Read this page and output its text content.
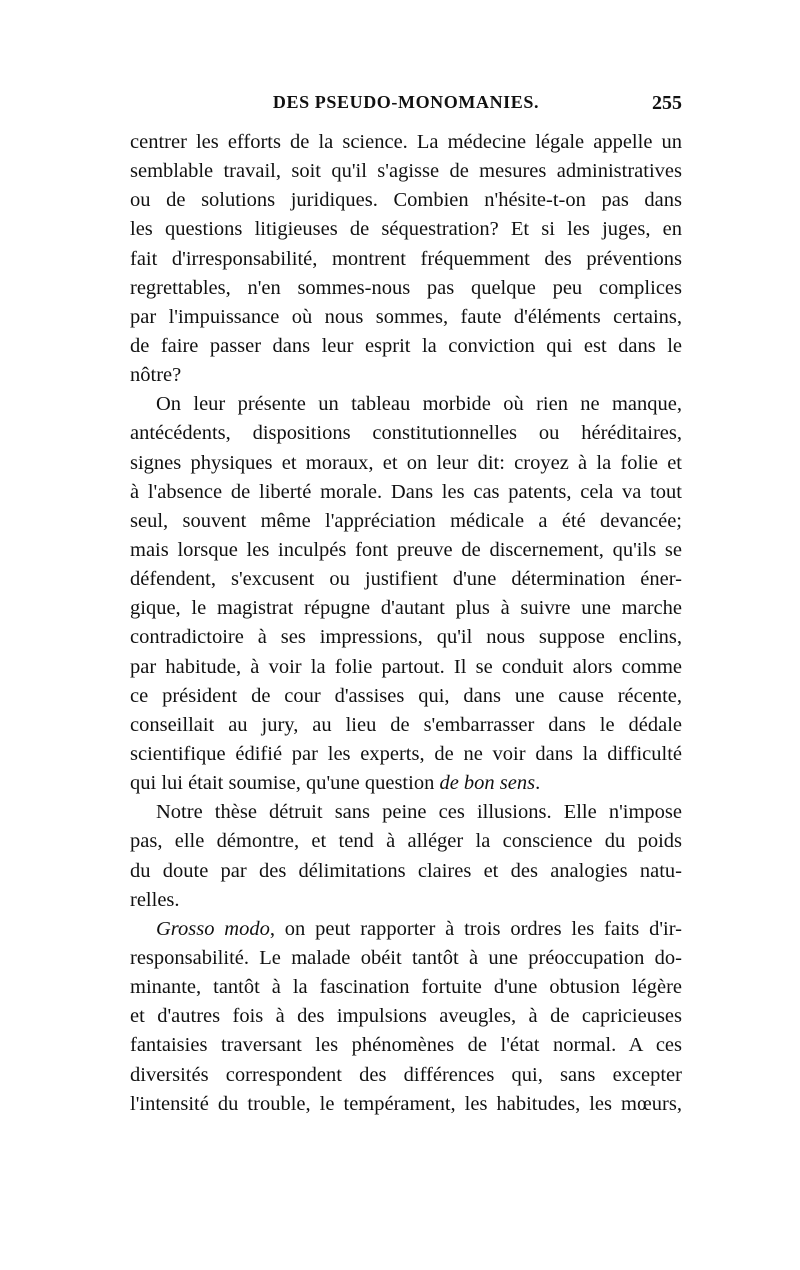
DES PSEUDO-MONOMANIES.	255
centrer les efforts de la science. La médecine légale appelle un
semblable travail, soit qu'il s'agisse de mesures administratives
ou de solutions juridiques. Combien n'hésite-t-on pas dans
les questions litigieuses de séquestration? Et si les juges, en
fait d'irresponsabilité, montrent fréquemment des préventions
regrettables, n'en sommes-nous pas quelque peu complices
par l'impuissance où nous sommes, faute d'éléments certains,
de faire passer dans leur esprit la conviction qui est dans le
nôtre?
On leur présente un tableau morbide où rien ne manque,
antécédents, dispositions constitutionnelles ou héréditaires,
signes physiques et moraux, et on leur dit: croyez à la folie et
à l'absence de liberté morale. Dans les cas patents, cela va tout
seul, souvent même l'appréciation médicale a été devancée;
mais lorsque les inculpés font preuve de discernement, qu'ils se
défendent, s'excusent ou justifient d'une détermination éner-
gique, le magistrat répugne d'autant plus à suivre une marche
contradictoire à ses impressions, qu'il nous suppose enclins,
par habitude, à voir la folie partout. Il se conduit alors comme
ce président de cour d'assises qui, dans une cause récente,
conseillait au jury, au lieu de s'embarrasser dans le dédale
scientifique édifié par les experts, de ne voir dans la difficulté
qui lui était soumise, qu'une question de bon sens.
Notre thèse détruit sans peine ces illusions. Elle n'impose
pas, elle démontre, et tend à alléger la conscience du poids
du doute par des délimitations claires et des analogies natu-
relles.
Grosso modo, on peut rapporter à trois ordres les faits d'ir-
responsabilité. Le malade obéit tantôt à une préoccupation do-
minante, tantôt à la fascination fortuite d'une obtusion légère
et d'autres fois à des impulsions aveugles, à de capricieuses
fantaisies traversant les phénomènes de l'état normal. A ces
diversités correspondent des différences qui, sans excepter
l'intensité du trouble, le tempérament, les habitudes, les mœurs,
